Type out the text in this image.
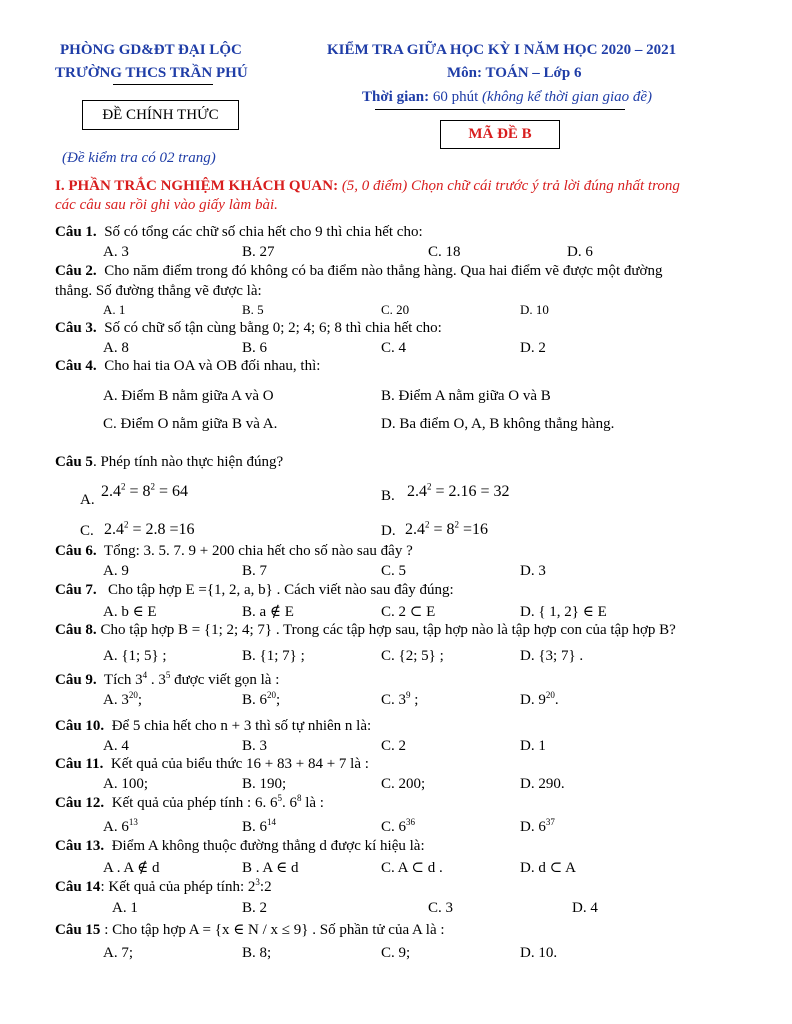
PHÒNG GD&ĐT ĐẠI LỘC
TRƯỜNG THCS TRẦN PHÚ
KIỂM TRA GIỮA HỌC KỲ I NĂM HỌC 2020 – 2021
Môn: TOÁN – Lớp 6
Thời gian: 60 phút (không kể thời gian giao đề)
ĐỀ CHÍNH THỨC
MÃ ĐỀ B
(Đề kiểm tra có 02 trang)
I. PHẦN TRẮC NGHIỆM KHÁCH QUAN: (5, 0 điểm) Chọn chữ cái trước ý trả lời đúng nhất trong
các câu sau rồi ghi vào giấy làm bài.
Câu 1. Số có tổng các chữ số chia hết cho 9 thì chia hết cho:
A. 3	B. 27	C. 18	D. 6
Câu 2. Cho năm điểm trong đó không có ba điểm nào thẳng hàng. Qua hai điểm vẽ được một đường
thẳng. Số đường thẳng vẽ được là:
A. 1	B. 5	C. 20	D. 10
Câu 3. Số có chữ số tận cùng bằng 0; 2; 4; 6; 8 thì chia hết cho:
A. 8	B. 6	C. 4	D. 2
Câu 4. Cho hai tia OA và OB đối nhau, thì:
A. Điểm B nằm giữa A và O	B. Điểm A nằm giữa O và B
C. Điểm O nằm giữa B và A.	D. Ba điểm O, A, B không thẳng hàng.
Câu 5. Phép tính nào thực hiện đúng?
A. $2.4^2 = 8^2 = 64$	B. $2.4^2 = 2.16 = 32$
C. $2.4^2 = 2.8 =16$	D. $2.4^2 = 8^2 =16$
Câu 6. Tổng: 3. 5. 7. 9 + 200 chia hết cho số nào sau đây ?
A. 9	B. 7	C. 5	D. 3
Câu 7. Cho tập hợp E ={1, 2, a, b} . Cách viết nào sau đây đúng:
A. b ∈ E	B. a ∉ E	C. 2 ⊂ E	D. { 1, 2} ∈ E
Câu 8. Cho tập hợp B = {1; 2; 4; 7} . Trong các tập hợp sau, tập hợp nào là tập hợp con của tập hợp B?
A. {1; 5} ;	B. {1; 7} ;	C. {2; 5} ;	D. {3; 7} .
Câu 9. Tích $3^4$ . $3^5$ được viết gọn là :
A. $3^{20}$;	B. $6^{20}$;	C. $3^9$ ;	D. $9^{20}$.
Câu 10. Để 5 chia hết cho n + 3 thì số tự nhiên n là:
A. 4	B. 3	C. 2	D. 1
Câu 11. Kết quả của biểu thức 16 + 83 + 84 + 7 là :
A. 100;	B. 190;	C. 200;	D. 290.
Câu 12. Kết quả của phép tính : 6. $6^5$. $6^8$ là :
A. $6^{13}$	B. $6^{14}$	C. $6^{36}$	D. $6^{37}$
Câu 13. Điểm A không thuộc đường thẳng d được kí hiệu là:
A . A ∉ d	B . A ∈ d	C. A ⊂ d .	D. d ⊂ A
Câu 14: Kết quả của phép tính: $2^3:2$
A. 1	B. 2	C. 3	D. 4
Câu 15 : Cho tập hợp A = {x ∈ N / x ≤ 9} . Số phần tử của A là :
A. 7;	B. 8;	C. 9;	D. 10.
